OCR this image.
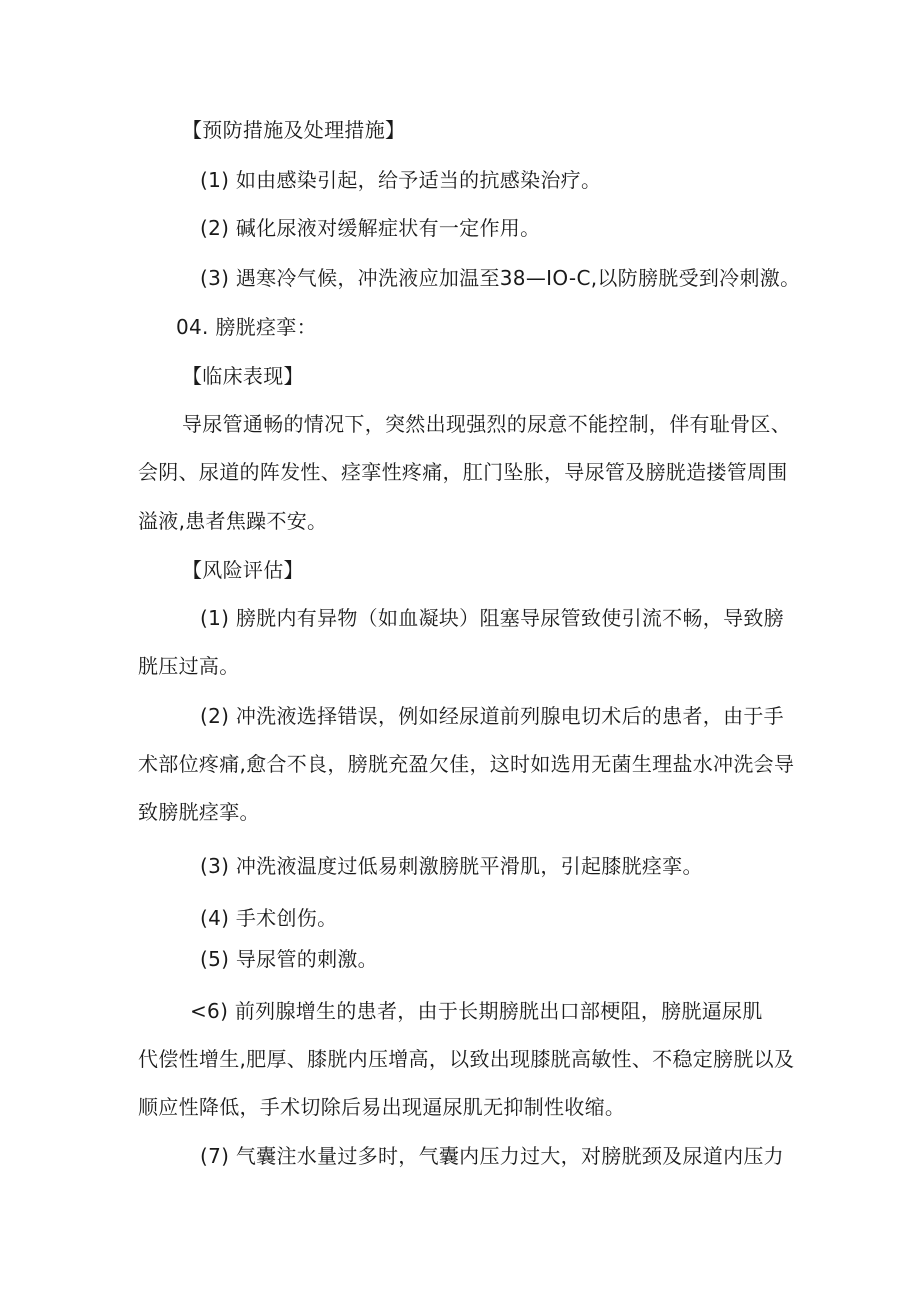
【预防措施及处理措施】
(1) 如由感染引起，给予适当的抗感染治疗。
(2) 碱化尿液对缓解症状有一定作用。
(3) 遇寒冷气候，冲洗液应加温至38—IO-C,以防膀胱受到冷刺激。
04. 膀胱痉挛：
【临床表现】
导尿管通畅的情况下，突然出现强烈的尿意不能控制，伴有耻骨区、
会阴、尿道的阵发性、痉挛性疼痛，肛门坠胀，导尿管及膀胱造搂管周围
溢液,患者焦躁不安。
【风险评估】
(1) 膀胱内有异物（如血凝块）阻塞导尿管致使引流不畅，导致膀
胱压过高。
(2) 冲洗液选择错误，例如经尿道前列腺电切术后的患者，由于手
术部位疼痛,愈合不良，膀胱充盈欠佳，这时如选用无菌生理盐水冲洗会导
致膀胱痉挛。
(3) 冲洗液温度过低易刺激膀胱平滑肌，引起膝胱痉挛。
(4) 手术创伤。
(5) 导尿管的刺激。
<6) 前列腺增生的患者，由于长期膀胱出口部梗阻，膀胱逼尿肌
代偿性增生,肥厚、膝胱内压增高，以致出现膝胱高敏性、不稳定膀胱以及
顺应性降低，手术切除后易出现逼尿肌无抑制性收缩。
(7) 气囊注水量过多时，气囊内压力过大，对膀胱颈及尿道内压力
